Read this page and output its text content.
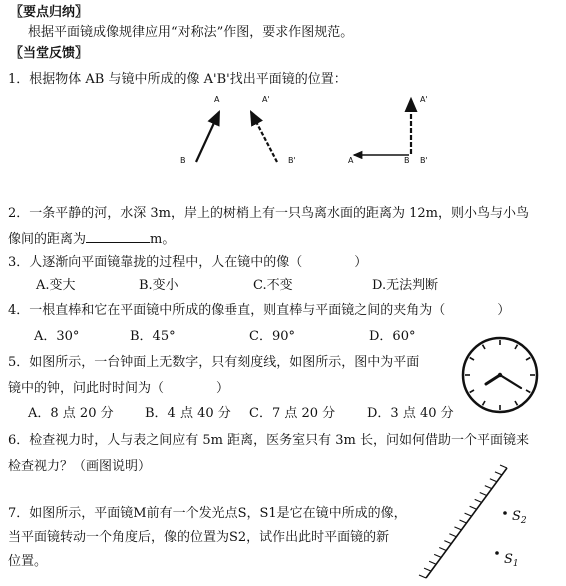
〖要点归纳〗
根据平面镜成像规律应用“对称法”作图，要求作图规范。
〖当堂反馈〗
1．根据物体 AB 与镜中所成的像 A'B'找出平面镜的位置：
A
B
A'
B'
A'
A	B B'
2．一条平静的河，水深 3m，岸上的树梢上有一只鸟离水面的距离为 12m，则小鸟与小鸟
像间的距离为	m。
3．人逐渐向平面镜靠拢的过程中，人在镜中的像（　　　　）
A.变大	B.变小	C.不变	D.无法判断
4．一根直棒和它在平面镜中所成的像垂直，则直棒与平面镜之间的夹角为（　　　　）
A．30°	B．45°	C．90°	D．60°
5．如图所示，一台钟面上无数字，只有刻度线，如图所示，图中为平面
镜中的钟，问此时时间为（　　　　）
A．8 点 20 分 B．4 点 40 分 C．7 点 20 分 D．3 点 40 分
6．检查视力时，人与表之间应有 5m 距离，医务室只有 3m 长，问如何借助一个平面镜来
检查视力？（画图说明）
7．如图所示，平面镜M前有一个发光点S，S1是它在镜中所成的像，
当平面镜转动一个角度后，像的位置为S2，试作出此时平面镜的新
位置。
$S_2$
$S_1$
